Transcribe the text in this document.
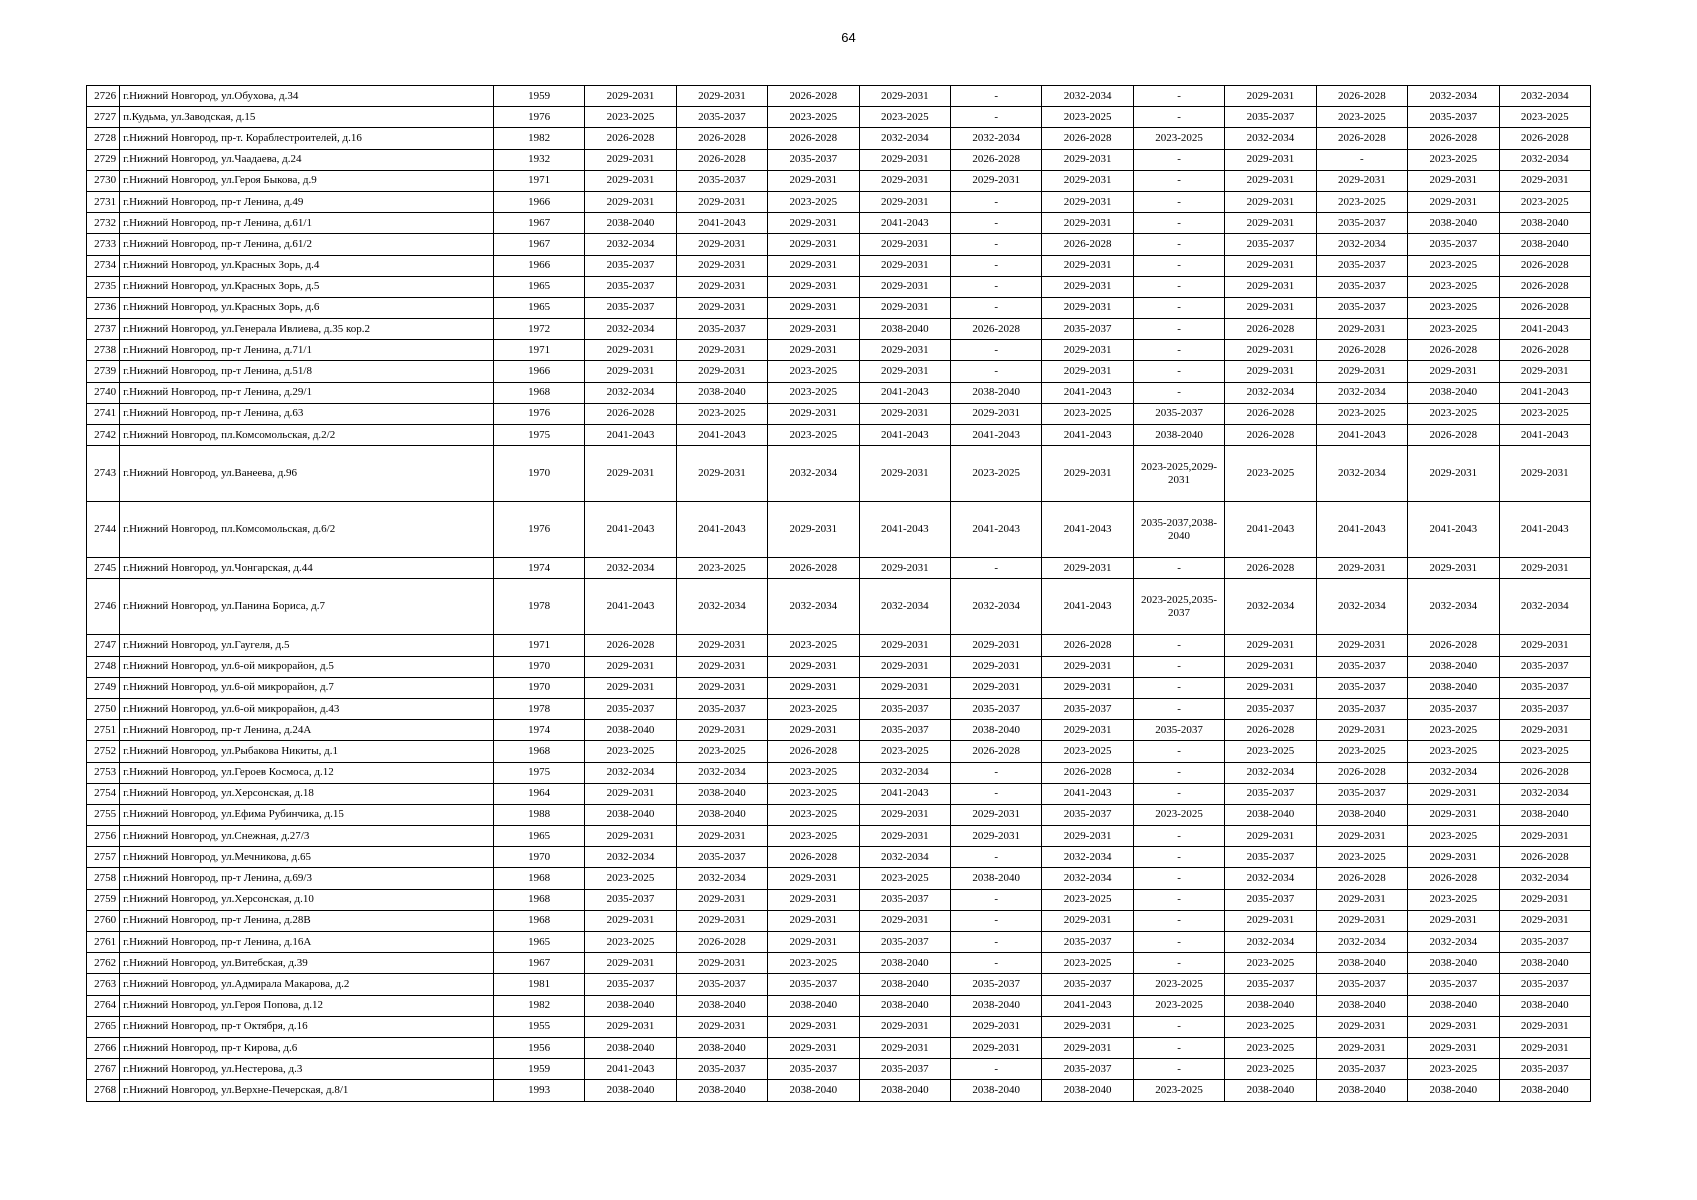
64
2726	г.Нижний Новгород, ул.Обухова, д.34	1959	2029-2031	2029-2031	2026-2028	2029-2031	-	2032-2034	-	2029-2031	2026-2028	2032-2034	2032-2034
2727	п.Кудьма, ул.Заводская, д.15	1976	2023-2025	2035-2037	2023-2025	2023-2025	-	2023-2025	-	2035-2037	2023-2025	2035-2037	2023-2025
2728	г.Нижний Новгород, пр-т. Кораблестроителей, д.16	1982	2026-2028	2026-2028	2026-2028	2032-2034	2032-2034	2026-2028	2023-2025	2032-2034	2026-2028	2026-2028	2026-2028
2729	г.Нижний Новгород, ул.Чаадаева, д.24	1932	2029-2031	2026-2028	2035-2037	2029-2031	2026-2028	2029-2031	-	2029-2031	-	2023-2025	2032-2034
2730	г.Нижний Новгород, ул.Героя Быкова, д.9	1971	2029-2031	2035-2037	2029-2031	2029-2031	2029-2031	2029-2031	-	2029-2031	2029-2031	2029-2031	2029-2031
2731	г.Нижний Новгород, пр-т Ленина, д.49	1966	2029-2031	2029-2031	2023-2025	2029-2031	-	2029-2031	-	2029-2031	2023-2025	2029-2031	2023-2025
2732	г.Нижний Новгород, пр-т Ленина, д.61/1	1967	2038-2040	2041-2043	2029-2031	2041-2043	-	2029-2031	-	2029-2031	2035-2037	2038-2040	2038-2040
2733	г.Нижний Новгород, пр-т Ленина, д.61/2	1967	2032-2034	2029-2031	2029-2031	2029-2031	-	2026-2028	-	2035-2037	2032-2034	2035-2037	2038-2040
2734	г.Нижний Новгород, ул.Красных Зорь, д.4	1966	2035-2037	2029-2031	2029-2031	2029-2031	-	2029-2031	-	2029-2031	2035-2037	2023-2025	2026-2028
2735	г.Нижний Новгород, ул.Красных Зорь, д.5	1965	2035-2037	2029-2031	2029-2031	2029-2031	-	2029-2031	-	2029-2031	2035-2037	2023-2025	2026-2028
2736	г.Нижний Новгород, ул.Красных Зорь, д.6	1965	2035-2037	2029-2031	2029-2031	2029-2031	-	2029-2031	-	2029-2031	2035-2037	2023-2025	2026-2028
2737	г.Нижний Новгород, ул.Генерала Ивлиева, д.35 кор.2	1972	2032-2034	2035-2037	2029-2031	2038-2040	2026-2028	2035-2037	-	2026-2028	2029-2031	2023-2025	2041-2043
2738	г.Нижний Новгород, пр-т Ленина, д.71/1	1971	2029-2031	2029-2031	2029-2031	2029-2031	-	2029-2031	-	2029-2031	2026-2028	2026-2028	2026-2028
2739	г.Нижний Новгород, пр-т Ленина, д.51/8	1966	2029-2031	2029-2031	2023-2025	2029-2031	-	2029-2031	-	2029-2031	2029-2031	2029-2031	2029-2031
2740	г.Нижний Новгород, пр-т Ленина, д.29/1	1968	2032-2034	2038-2040	2023-2025	2041-2043	2038-2040	2041-2043	-	2032-2034	2032-2034	2038-2040	2041-2043
2741	г.Нижний Новгород, пр-т Ленина, д.63	1976	2026-2028	2023-2025	2029-2031	2029-2031	2029-2031	2023-2025	2035-2037	2026-2028	2023-2025	2023-2025	2023-2025
2742	г.Нижний Новгород, пл.Комсомольская, д.2/2	1975	2041-2043	2041-2043	2023-2025	2041-2043	2041-2043	2041-2043	2038-2040	2026-2028	2041-2043	2026-2028	2041-2043
2743	г.Нижний Новгород, ул.Ванеева, д.96	1970	2029-2031	2029-2031	2032-2034	2029-2031	2023-2025	2029-2031	2023-2025,2029-2031	2023-2025	2032-2034	2029-2031	2029-2031
2744	г.Нижний Новгород, пл.Комсомольская, д.6/2	1976	2041-2043	2041-2043	2029-2031	2041-2043	2041-2043	2041-2043	2035-2037,2038-2040	2041-2043	2041-2043	2041-2043	2041-2043
2745	г.Нижний Новгород, ул.Чонгарская, д.44	1974	2032-2034	2023-2025	2026-2028	2029-2031	-	2029-2031	-	2026-2028	2029-2031	2029-2031	2029-2031
2746	г.Нижний Новгород, ул.Панина Бориса, д.7	1978	2041-2043	2032-2034	2032-2034	2032-2034	2032-2034	2041-2043	2023-2025,2035-2037	2032-2034	2032-2034	2032-2034	2032-2034
2747	г.Нижний Новгород, ул.Гаугеля, д.5	1971	2026-2028	2029-2031	2023-2025	2029-2031	2029-2031	2026-2028	-	2029-2031	2029-2031	2026-2028	2029-2031
2748	г.Нижний Новгород, ул.6-ой микрорайон, д.5	1970	2029-2031	2029-2031	2029-2031	2029-2031	2029-2031	2029-2031	-	2029-2031	2035-2037	2038-2040	2035-2037
2749	г.Нижний Новгород, ул.6-ой микрорайон, д.7	1970	2029-2031	2029-2031	2029-2031	2029-2031	2029-2031	2029-2031	-	2029-2031	2035-2037	2038-2040	2035-2037
2750	г.Нижний Новгород, ул.6-ой микрорайон, д.43	1978	2035-2037	2035-2037	2023-2025	2035-2037	2035-2037	2035-2037	-	2035-2037	2035-2037	2035-2037	2035-2037
2751	г.Нижний Новгород, пр-т Ленина, д.24А	1974	2038-2040	2029-2031	2029-2031	2035-2037	2038-2040	2029-2031	2035-2037	2026-2028	2029-2031	2023-2025	2029-2031
2752	г.Нижний Новгород, ул.Рыбакова Никиты, д.1	1968	2023-2025	2023-2025	2026-2028	2023-2025	2026-2028	2023-2025	-	2023-2025	2023-2025	2023-2025	2023-2025
2753	г.Нижний Новгород, ул.Героев Космоса, д.12	1975	2032-2034	2032-2034	2023-2025	2032-2034	-	2026-2028	-	2032-2034	2026-2028	2032-2034	2026-2028
2754	г.Нижний Новгород, ул.Херсонская, д.18	1964	2029-2031	2038-2040	2023-2025	2041-2043	-	2041-2043	-	2035-2037	2035-2037	2029-2031	2032-2034
2755	г.Нижний Новгород, ул.Ефима Рубинчика, д.15	1988	2038-2040	2038-2040	2023-2025	2029-2031	2029-2031	2035-2037	2023-2025	2038-2040	2038-2040	2029-2031	2038-2040
2756	г.Нижний Новгород, ул.Снежная, д.27/3	1965	2029-2031	2029-2031	2023-2025	2029-2031	2029-2031	2029-2031	-	2029-2031	2029-2031	2023-2025	2029-2031
2757	г.Нижний Новгород, ул.Мечникова, д.65	1970	2032-2034	2035-2037	2026-2028	2032-2034	-	2032-2034	-	2035-2037	2023-2025	2029-2031	2026-2028
2758	г.Нижний Новгород, пр-т Ленина, д.69/3	1968	2023-2025	2032-2034	2029-2031	2023-2025	2038-2040	2032-2034	-	2032-2034	2026-2028	2026-2028	2032-2034
2759	г.Нижний Новгород, ул.Херсонская, д.10	1968	2035-2037	2029-2031	2029-2031	2035-2037	-	2023-2025	-	2035-2037	2029-2031	2023-2025	2029-2031
2760	г.Нижний Новгород, пр-т Ленина, д.28В	1968	2029-2031	2029-2031	2029-2031	2029-2031	-	2029-2031	-	2029-2031	2029-2031	2029-2031	2029-2031
2761	г.Нижний Новгород, пр-т Ленина, д.16А	1965	2023-2025	2026-2028	2029-2031	2035-2037	-	2035-2037	-	2032-2034	2032-2034	2032-2034	2035-2037
2762	г.Нижний Новгород, ул.Витебская, д.39	1967	2029-2031	2029-2031	2023-2025	2038-2040	-	2023-2025	-	2023-2025	2038-2040	2038-2040	2038-2040
2763	г.Нижний Новгород, ул.Адмирала Макарова, д.2	1981	2035-2037	2035-2037	2035-2037	2038-2040	2035-2037	2035-2037	2023-2025	2035-2037	2035-2037	2035-2037	2035-2037
2764	г.Нижний Новгород, ул.Героя Попова, д.12	1982	2038-2040	2038-2040	2038-2040	2038-2040	2038-2040	2041-2043	2023-2025	2038-2040	2038-2040	2038-2040	2038-2040
2765	г.Нижний Новгород, пр-т Октября, д.16	1955	2029-2031	2029-2031	2029-2031	2029-2031	2029-2031	2029-2031	-	2023-2025	2029-2031	2029-2031	2029-2031
2766	г.Нижний Новгород, пр-т Кирова, д.6	1956	2038-2040	2038-2040	2029-2031	2029-2031	2029-2031	2029-2031	-	2023-2025	2029-2031	2029-2031	2029-2031
2767	г.Нижний Новгород, ул.Нестерова, д.3	1959	2041-2043	2035-2037	2035-2037	2035-2037	-	2035-2037	-	2023-2025	2035-2037	2023-2025	2035-2037
2768	г.Нижний Новгород, ул.Верхне-Печерская, д.8/1	1993	2038-2040	2038-2040	2038-2040	2038-2040	2038-2040	2038-2040	2023-2025	2038-2040	2038-2040	2038-2040	2038-2040
